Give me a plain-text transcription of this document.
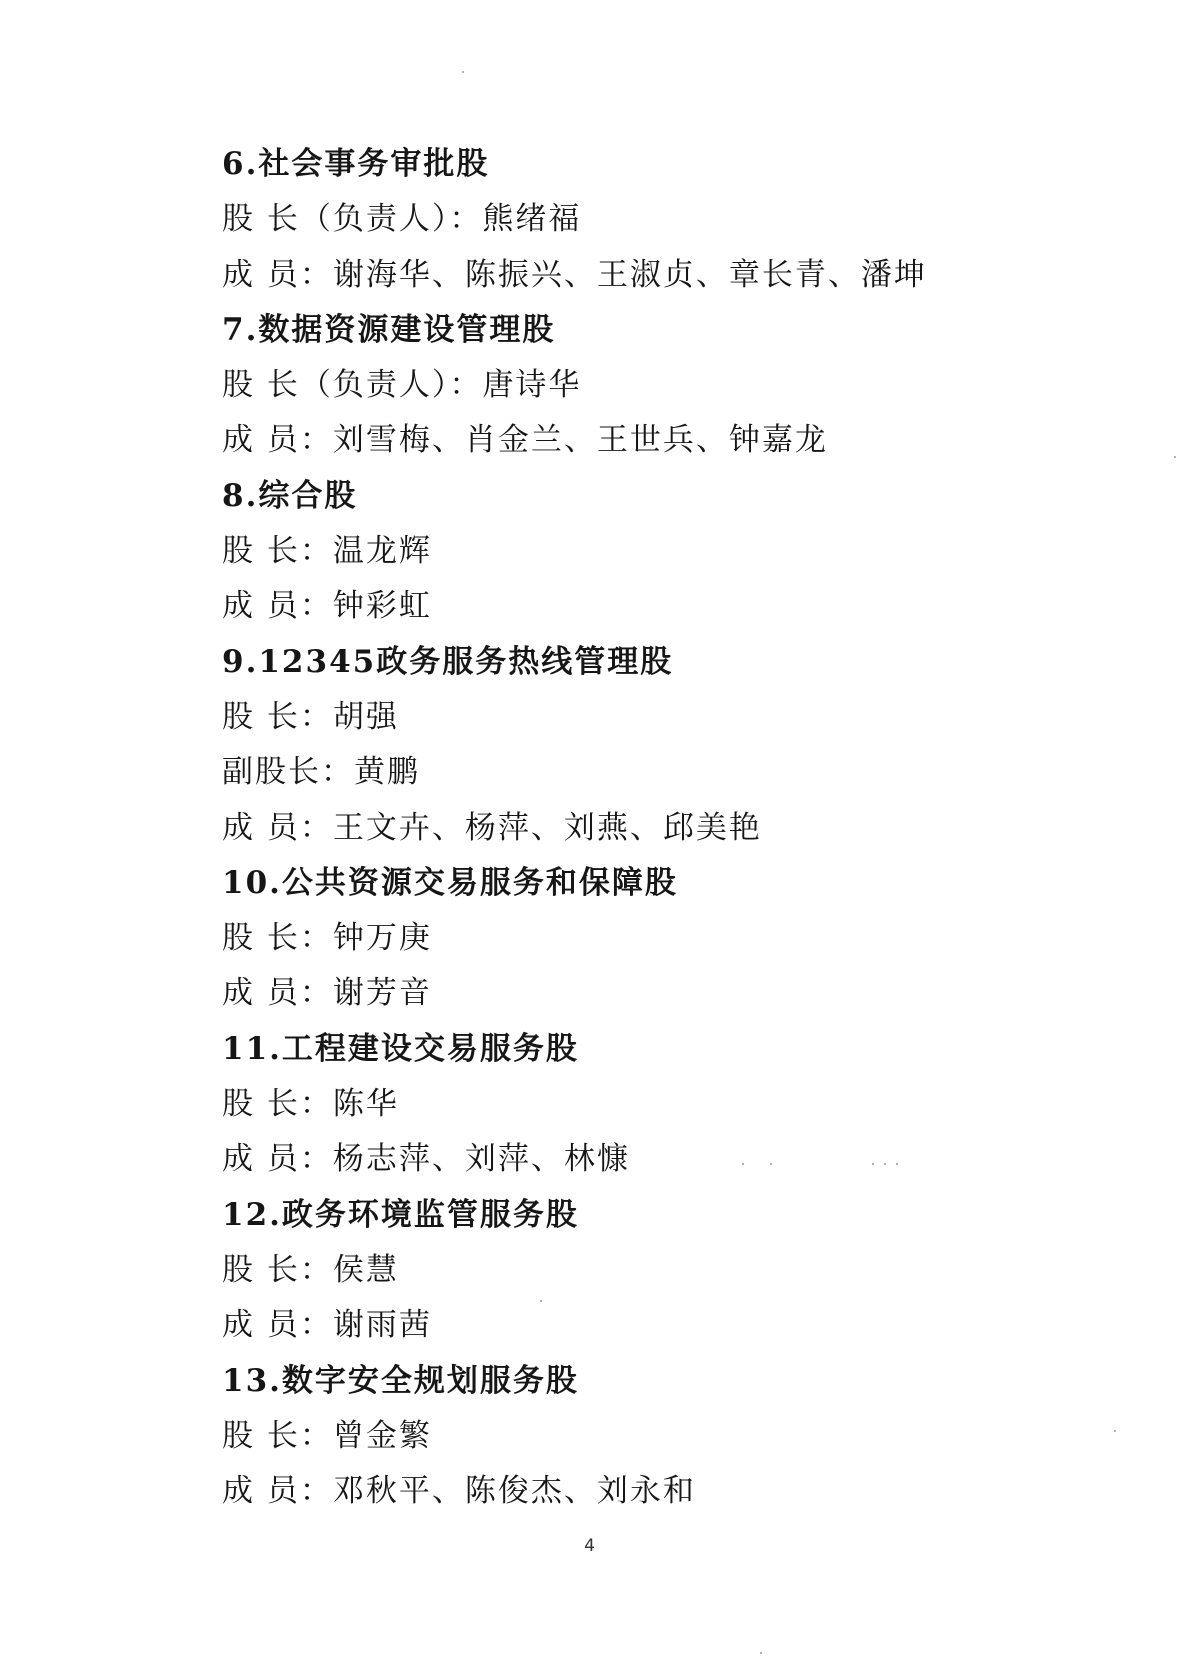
6.社会事务审批股
股 长（负责人）：熊绪福
成 员：谢海华、陈振兴、王淑贞、章长青、潘坤
7.数据资源建设管理股
股 长（负责人）：唐诗华
成 员：刘雪梅、肖金兰、王世兵、钟嘉龙
8.综合股
股 长：温龙辉
成 员：钟彩虹
9.12345政务服务热线管理股
股 长：胡强
副股长：黄鹏
成 员：王文卉、杨萍、刘燕、邱美艳
10.公共资源交易服务和保障股
股 长：钟万庚
成 员：谢芳音
11.工程建设交易服务股
股 长：陈华
成 员：杨志萍、刘萍、林慷
12.政务环境监管服务股
股 长：侯慧
成 员：谢雨茜
13.数字安全规划服务股
股 长：曾金繁
成 员：邓秋平、陈俊杰、刘永和
4
